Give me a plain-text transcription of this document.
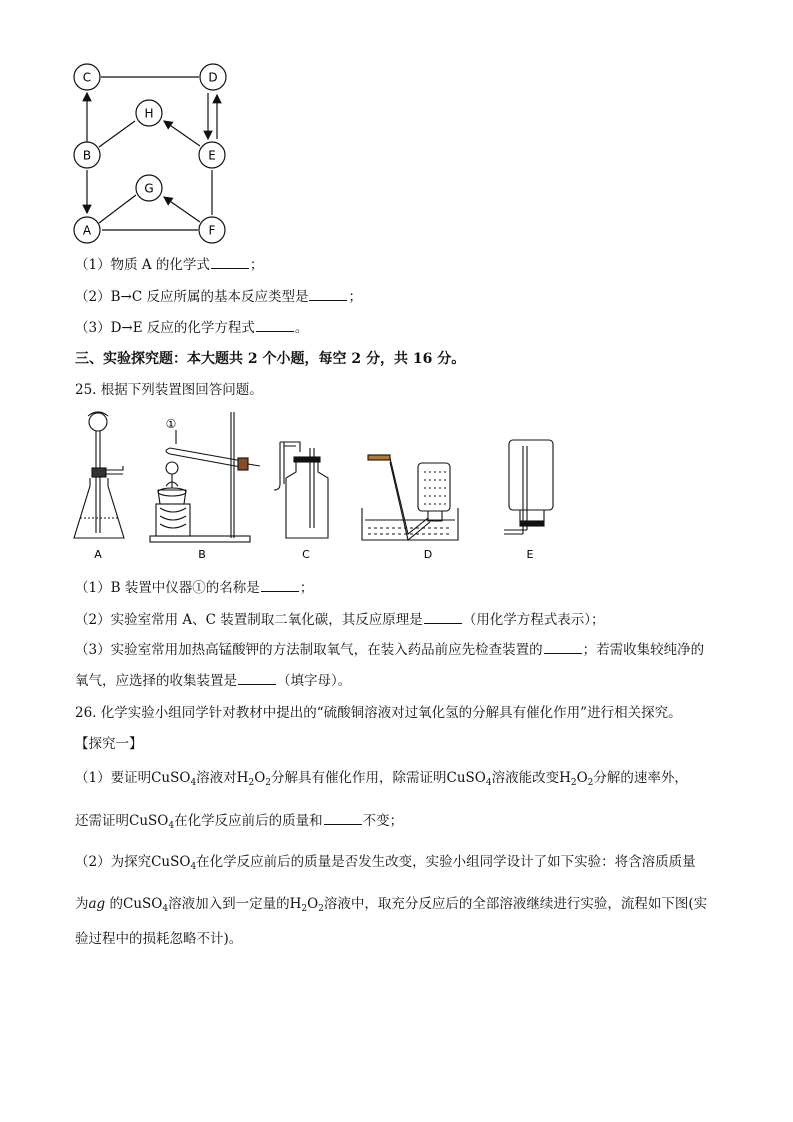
C	D
H
B	E
G
A	F
（1）物质 A 的化学式	；
（2）B→C 反应所属的基本反应类型是	；
（3）D→E 反应的化学方程式	。
三、实验探究题：本大题共 2 个小题，每空 2 分，共 16 分。
25. 根据下列装置图回答问题。
A
①
B	C	D	E
（1）B 装置中仪器①的名称是	；
（2）实验室常用 A、C 装置制取二氧化碳，其反应原理是	（用化学方程式表示）；
（3）实验室常用加热高锰酸钾的方法制取氧气，在装入药品前应先检查装置的	；若需收集较纯净的
氧气，应选择的收集装置是	（填字母）。
26. 化学实验小组同学针对教材中提出的“硫酸铜溶液对过氧化氢的分解具有催化作用”进行相关探究。
【探究一】
（1）要证明CuSO$_4$溶液对$H_2O_2$分解具有催化作用，除需证明CuSO$_4$溶液能改变$H_2O_2$分解的速率外，
还需证明CuSO$_4$在化学反应前后的质量和	不变；
（2）为探究CuSO$_4$在化学反应前后的质量是否发生改变，实验小组同学设计了如下实验：将含溶质质量
为ag 的CuSO$_4$溶液加入到一定量的$H_2O_2$溶液中，取充分反应后的全部溶液继续进行实验，流程如下图(实
验过程中的损耗忽略不计)。
